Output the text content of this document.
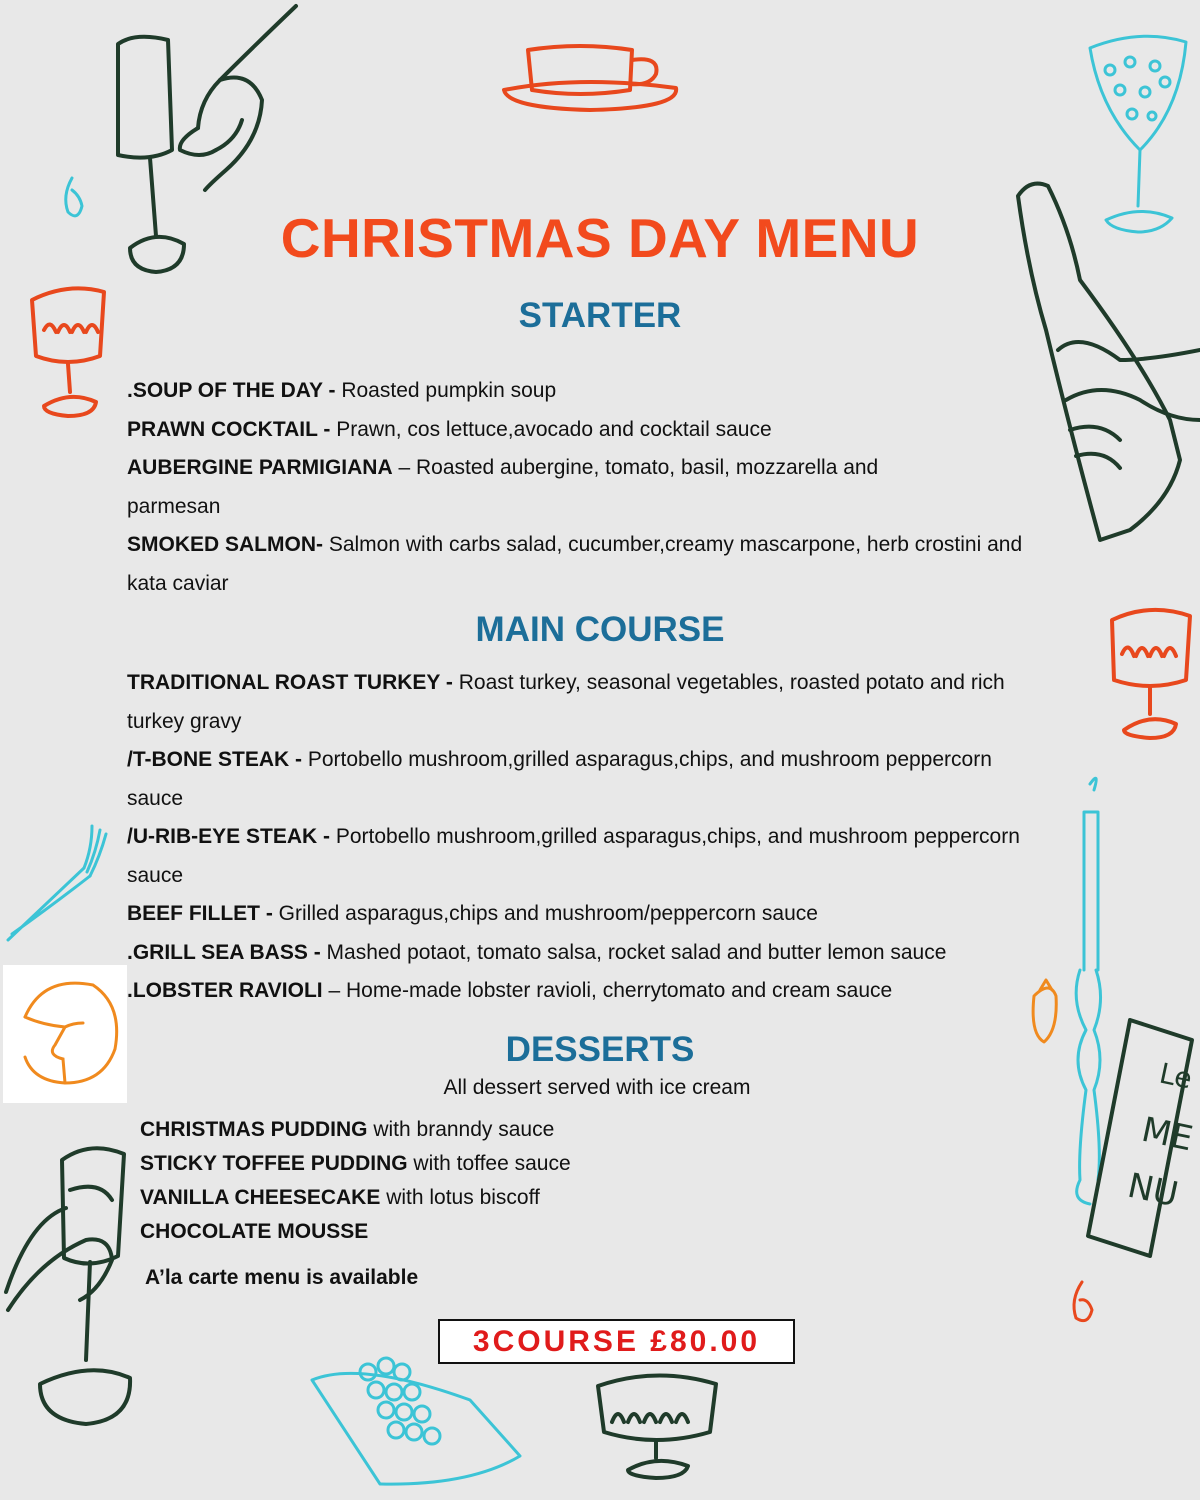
Le
ME
NU
CHRISTMAS DAY MENU
STARTER
.SOUP OF THE DAY - Roasted pumpkin soup
PRAWN COCKTAIL - Prawn, cos lettuce,avocado and cocktail sauce
AUBERGINE PARMIGIANA – Roasted aubergine, tomato, basil, mozzarella and parmesan
SMOKED SALMON- Salmon with carbs salad, cucumber,creamy mascarpone, herb crostini and kata caviar
MAIN COURSE
TRADITIONAL ROAST TURKEY - Roast turkey, seasonal vegetables, roasted potato and rich turkey gravy
/T-BONE STEAK - Portobello mushroom,grilled asparagus,chips, and mushroom peppercorn sauce
/U-RIB-EYE STEAK - Portobello mushroom,grilled asparagus,chips, and mushroom peppercorn sauce
BEEF FILLET - Grilled asparagus,chips and mushroom/peppercorn sauce
.GRILL SEA BASS - Mashed potaot, tomato salsa, rocket salad and butter lemon sauce
.LOBSTER RAVIOLI – Home-made lobster ravioli, cherrytomato and cream sauce
DESSERTS

All dessert served with ice cream

CHRISTMAS PUDDING with branndy sauce
STICKY TOFFEE PUDDING with toffee sauce
VANILLA CHEESECAKE with lotus biscoff
CHOCOLATE MOUSSE

A’la carte menu is available

3COURSE £80.00
